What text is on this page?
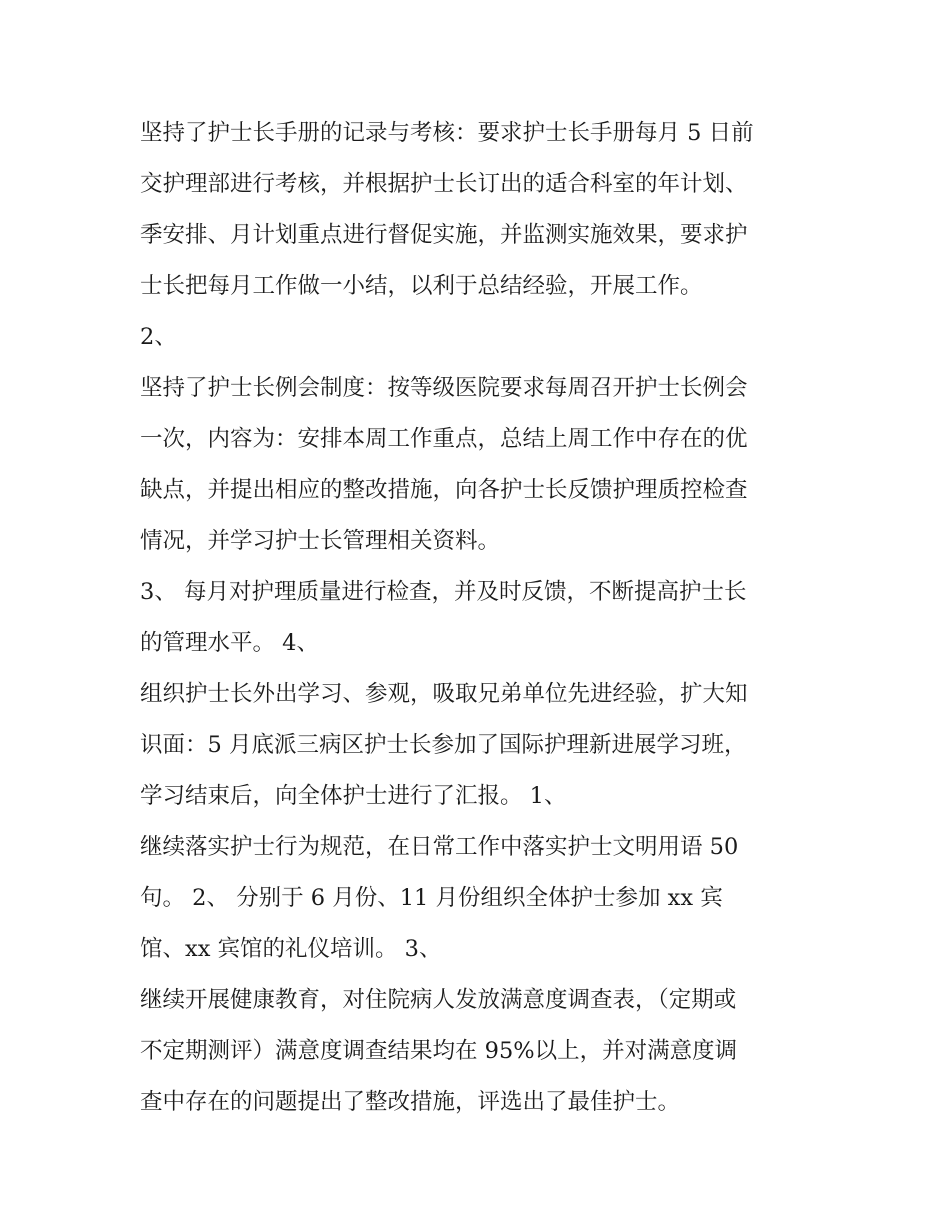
坚持了护士长手册的记录与考核：要求护士长手册每月 5 日前
交护理部进行考核，并根据护士长订出的适合科室的年计划、
季安排、月计划重点进行督促实施，并监测实施效果，要求护
士长把每月工作做一小结，以利于总结经验，开展工作。
2、
坚持了护士长例会制度：按等级医院要求每周召开护士长例会
一次，内容为：安排本周工作重点，总结上周工作中存在的优
缺点，并提出相应的整改措施，向各护士长反馈护理质控检查
情况，并学习护士长管理相关资料。
3、 每月对护理质量进行检查，并及时反馈，不断提高护士长
的管理水平。 4、
组织护士长外出学习、参观，吸取兄弟单位先进经验，扩大知
识面：5 月底派三病区护士长参加了国际护理新进展学习班，
学习结束后，向全体护士进行了汇报。 1、
继续落实护士行为规范，在日常工作中落实护士文明用语 50
句。 2、 分别于 6 月份、11 月份组织全体护士参加 xx 宾
馆、xx 宾馆的礼仪培训。 3、
继续开展健康教育，对住院病人发放满意度调查表，（定期或
不定期测评）满意度调查结果均在 95%以上，并对满意度调
查中存在的问题提出了整改措施，评选出了最佳护士。
